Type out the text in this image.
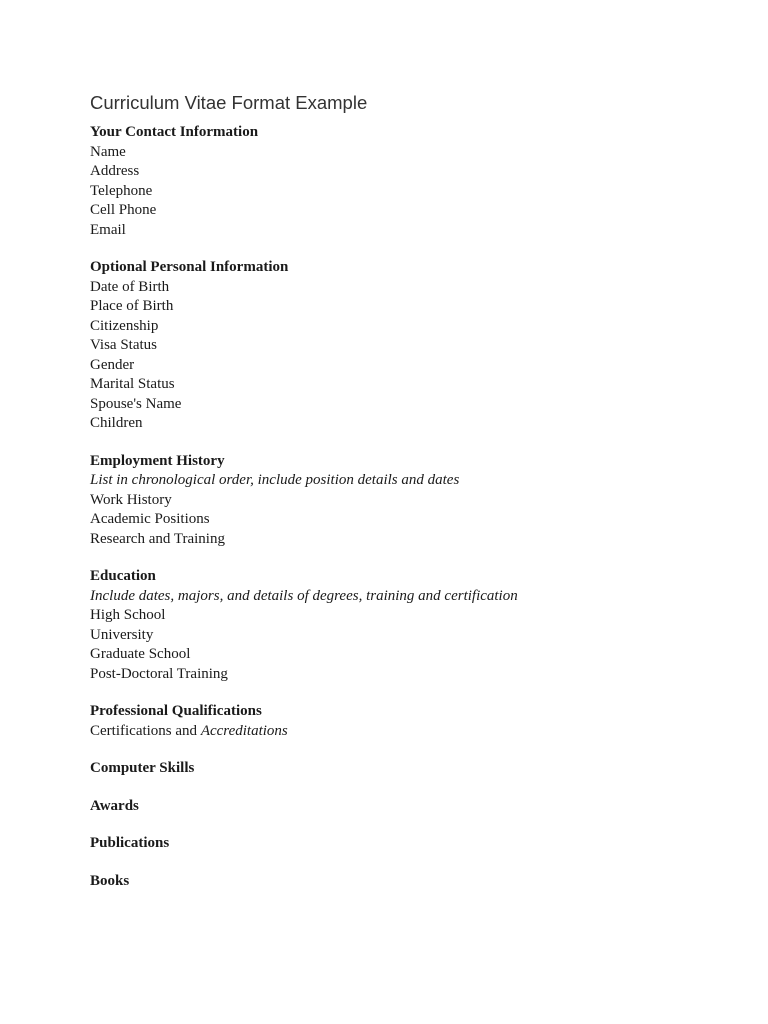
Curriculum Vitae Format Example

Your Contact Information

Name

Address

Telephone

Cell Phone

Email

Optional Personal Information

Date of Birth

Place of Birth

Citizenship

Visa Status

Gender

Marital Status

Spouse's Name

Children

Employment History

List in chronological order, include position details and dates

Work History

Academic Positions

Research and Training

Education

Include dates, majors, and details of degrees, training and certification

High School

University

Graduate School

Post-Doctoral Training

Professional Qualifications

Certifications and Accreditations

Computer Skills

Awards

Publications

Books
